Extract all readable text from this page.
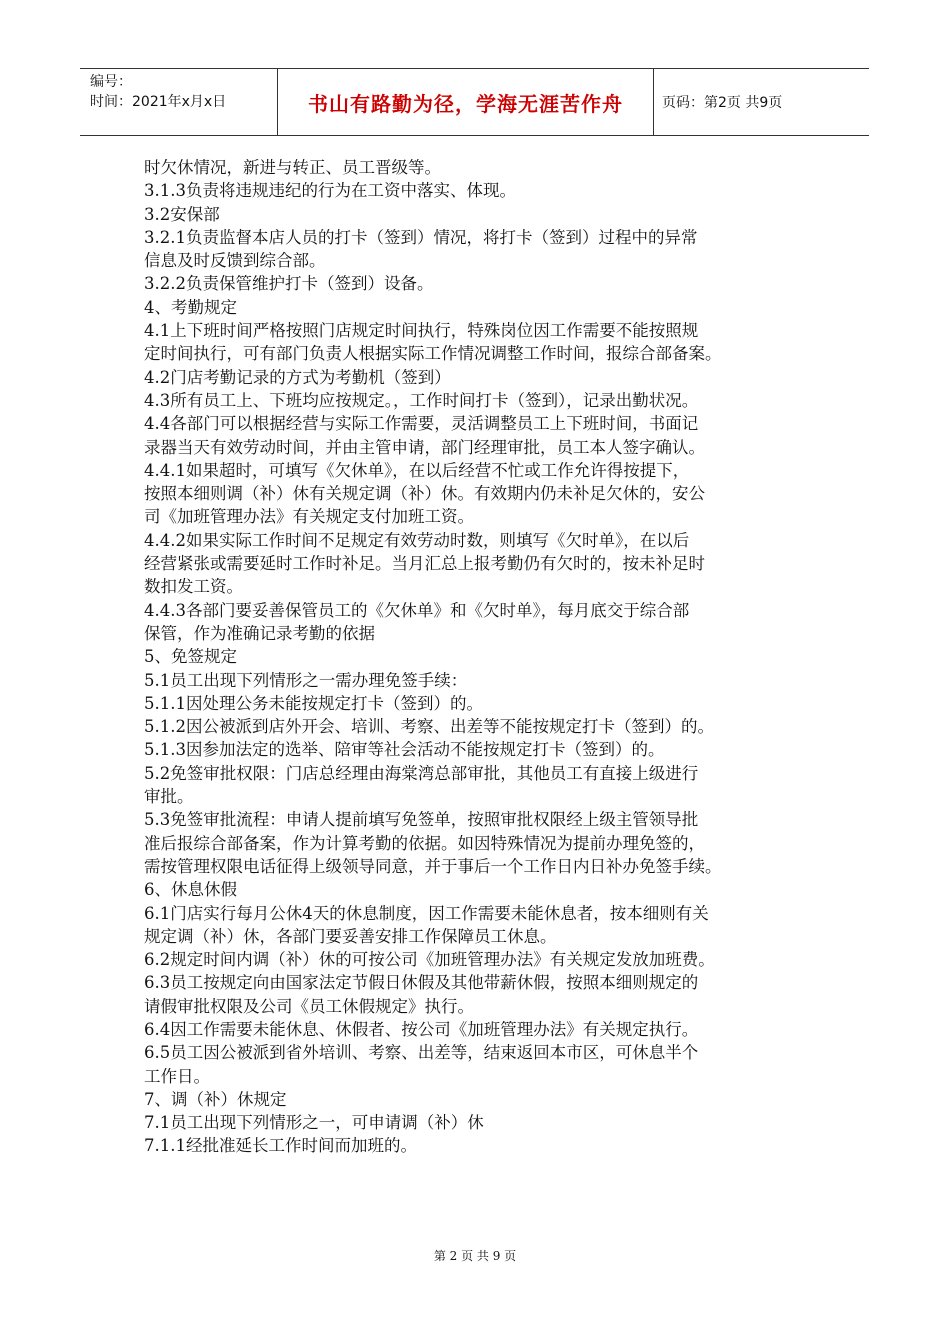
编号：
时间：2021年x月x日	书山有路勤为径，学海无涯苦作舟	页码：第2页 共9页

时欠休情况，新进与转正、员工晋级等。

3.1.3负责将违规违纪的行为在工资中落实、体现。

3.2安保部

3.2.1负责监督本店人员的打卡（签到）情况，将打卡（签到）过程中的异常

信息及时反馈到综合部。

3.2.2负责保管维护打卡（签到）设备。

4、考勤规定

4.1上下班时间严格按照门店规定时间执行，特殊岗位因工作需要不能按照规

定时间执行，可有部门负责人根据实际工作情况调整工作时间，报综合部备案。

4.2门店考勤记录的方式为考勤机（签到）

4.3所有员工上、下班均应按规定。，工作时间打卡（签到），记录出勤状况。

4.4各部门可以根据经营与实际工作需要，灵活调整员工上下班时间，书面记

录器当天有效劳动时间，并由主管申请，部门经理审批，员工本人签字确认。

4.4.1如果超时，可填写《欠休单》，在以后经营不忙或工作允许得按提下，

按照本细则调（补）休有关规定调（补）休。有效期内仍未补足欠休的，安公

司《加班管理办法》有关规定支付加班工资。

4.4.2如果实际工作时间不足规定有效劳动时数，则填写《欠时单》，在以后

经营紧张或需要延时工作时补足。当月汇总上报考勤仍有欠时的，按未补足时

数扣发工资。

4.4.3各部门要妥善保管员工的《欠休单》和《欠时单》，每月底交于综合部

保管，作为准确记录考勤的依据

5、免签规定

5.1员工出现下列情形之一需办理免签手续：

5.1.1因处理公务未能按规定打卡（签到）的。

5.1.2因公被派到店外开会、培训、考察、出差等不能按规定打卡（签到）的。

5.1.3因参加法定的选举、陪审等社会活动不能按规定打卡（签到）的。

5.2免签审批权限：门店总经理由海棠湾总部审批，其他员工有直接上级进行

审批。

5.3免签审批流程：申请人提前填写免签单，按照审批权限经上级主管领导批

准后报综合部备案，作为计算考勤的依据。如因特殊情况为提前办理免签的，

需按管理权限电话征得上级领导同意，并于事后一个工作日内日补办免签手续。

6、休息休假

6.1门店实行每月公休4天的休息制度，因工作需要未能休息者，按本细则有关

规定调（补）休，各部门要妥善安排工作保障员工休息。

6.2规定时间内调（补）休的可按公司《加班管理办法》有关规定发放加班费。

6.3员工按规定向由国家法定节假日休假及其他带薪休假，按照本细则规定的

请假审批权限及公司《员工休假规定》执行。

6.4因工作需要未能休息、休假者、按公司《加班管理办法》有关规定执行。

6.5员工因公被派到省外培训、考察、出差等，结束返回本市区，可休息半个

工作日。

7、调（补）休规定

7.1员工出现下列情形之一，可申请调（补）休

7.1.1经批准延长工作时间而加班的。

第 2 页 共 9 页
